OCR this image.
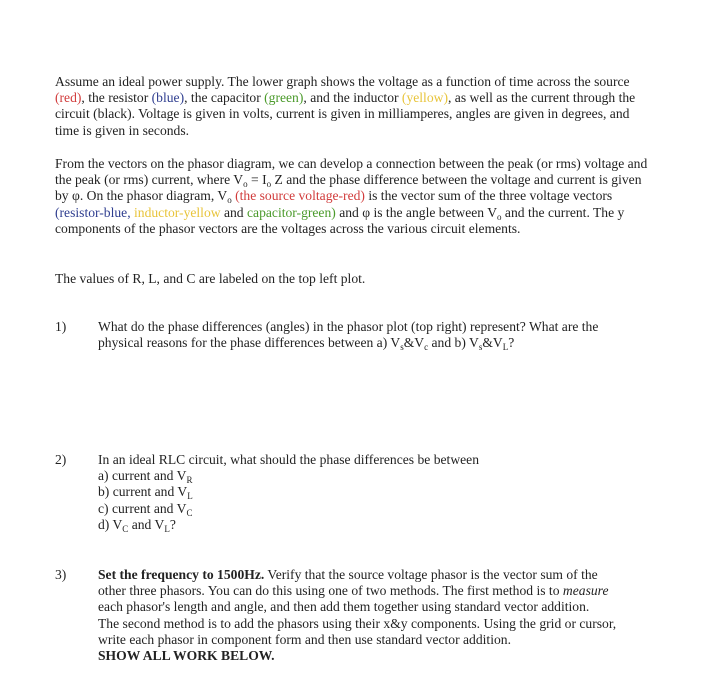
Assume an ideal power supply. The lower graph shows the voltage as a function of time across the source (red), the resistor (blue), the capacitor (green), and the inductor (yellow), as well as the current through the circuit (black). Voltage is given in volts, current is given in milliamperes, angles are given in degrees, and time is given in seconds.

From the vectors on the phasor diagram, we can develop a connection between the peak (or rms) voltage and the peak (or rms) current, where $V_o = I_o$ Z and the phase difference between the voltage and current is given by φ. On the phasor diagram, $V_o$ (the source voltage-red) is the vector sum of the three voltage vectors (resistor-blue, inductor-yellow and capacitor-green) and φ is the angle between $V_o$ and the current. The y components of the phasor vectors are the voltages across the various circuit elements.

The values of R, L, and C are labeled on the top left plot.

1) What do the phase differences (angles) in the phasor plot (top right) represent? What are the
physical reasons for the phase differences between a) $V_s\&V_c$ and b) $V_s\&V_L$?
2) In an ideal RLC circuit, what should the phase differences be between
a) current and $V_R$
b) current and $V_L$
c) current and $V_C$
d) $V_C$ and $V_L$?
3) Set the frequency to 1500Hz. Verify that the source voltage phasor is the vector sum of the
other three phasors. You can do this using one of two methods. The first method is to measure
each phasor's length and angle, and then add them together using standard vector addition.
The second method is to add the phasors using their x&y components. Using the grid or cursor,
write each phasor in component form and then use standard vector addition.
SHOW ALL WORK BELOW.
